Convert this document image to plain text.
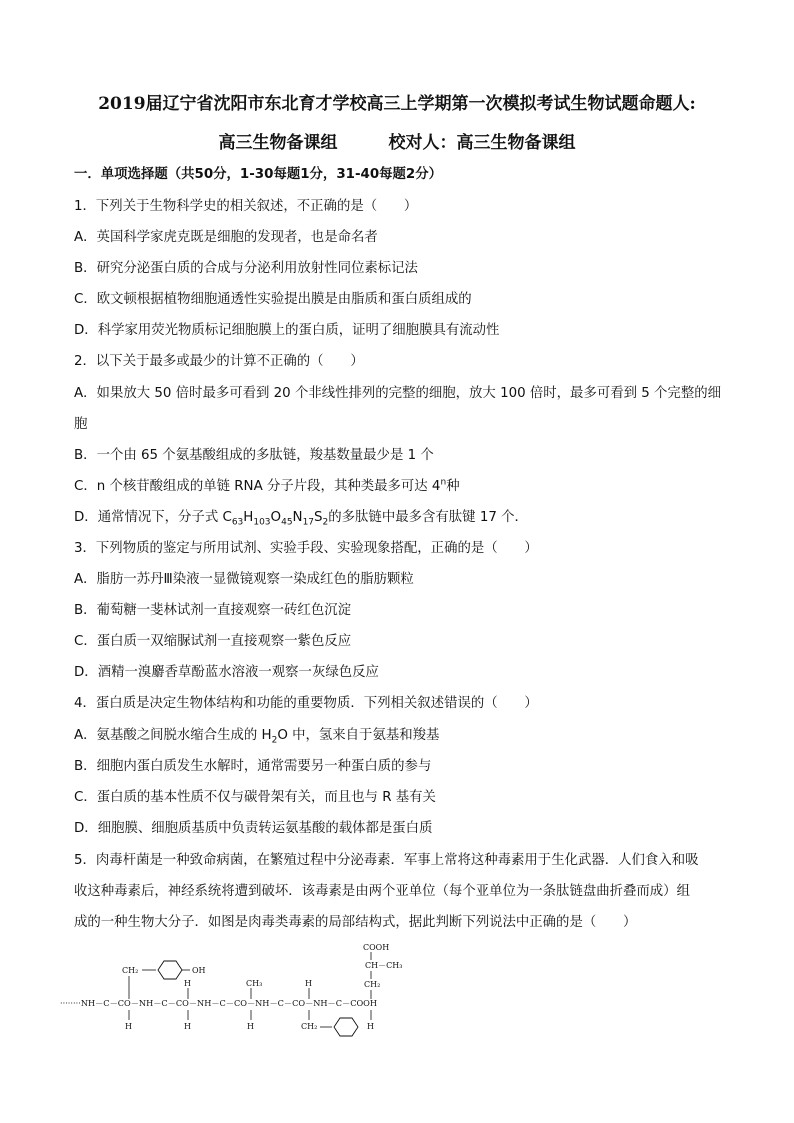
2019届辽宁省沈阳市东北育才学校高三上学期第一次模拟考试生物试题命题人:
高三生物备课组　　　校对人：高三生物备课组
一．单项选择题（共50分，1-30每题1分，31-40每题2分）
1．下列关于生物科学史的相关叙述，不正确的是（　　）
A．英国科学家虎克既是细胞的发现者，也是命名者
B．研究分泌蛋白质的合成与分泌利用放射性同位素标记法
C．欧文顿根据植物细胞通透性实验提出膜是由脂质和蛋白质组成的
D．科学家用荧光物质标记细胞膜上的蛋白质，证明了细胞膜具有流动性
2．以下关于最多或最少的计算不正确的（　　）
A．如果放大 50 倍时最多可看到 20 个非线性排列的完整的细胞，放大 100 倍时，最多可看到 5 个完整的细
胞
B．一个由 65 个氨基酸组成的多肽链，羧基数量最少是 1 个
C．n 个核苷酸组成的单链 RNA 分子片段，其种类最多可达 4$^n$种
D．通常情况下，分子式 $C_{63}H_{103}O_{45}N_{17}S_2$的多肽链中最多含有肽键 17 个．
3．下列物质的鉴定与所用试剂、实验手段、实验现象搭配，正确的是（　　）
A．脂肪一苏丹Ⅲ染液一显微镜观察一染成红色的脂肪颗粒
B．葡萄糖一斐林试剂一直接观察一砖红色沉淀
C．蛋白质一双缩脲试剂一直接观察一紫色反应
D．酒精一溴麝香草酚蓝水溶液一观察一灰绿色反应
4．蛋白质是决定生物体结构和功能的重要物质．下列相关叙述错误的（　　）
A．氨基酸之间脱水缩合生成的 $H_2O$ 中，氢来自于氨基和羧基
B．细胞内蛋白质发生水解时，通常需要另一种蛋白质的参与
C．蛋白质的基本性质不仅与碳骨架有关，而且也与 R 基有关
D．细胞膜、细胞质基质中负责转运氨基酸的载体都是蛋白质
5．肉毒杆菌是一种致命病菌，在繁殖过程中分泌毒素．军事上常将这种毒素用于生化武器．人们食入和吸
收这种毒素后，神经系统将遭到破坏．该毒素是由两个亚单位（每个亚单位为一条肽链盘曲折叠而成）组
成的一种生物大分子．如图是肉毒类毒素的局部结构式，据此判断下列说法中正确的是（　　）
········NH－C－CO－NH－C－CO－NH－C－CO－NH－C－CO－NH－C－COOH
CH₂	OH
H
H
H
CH₃
H
H
CH₂
COOH
CH－CH₃
CH₂
H
